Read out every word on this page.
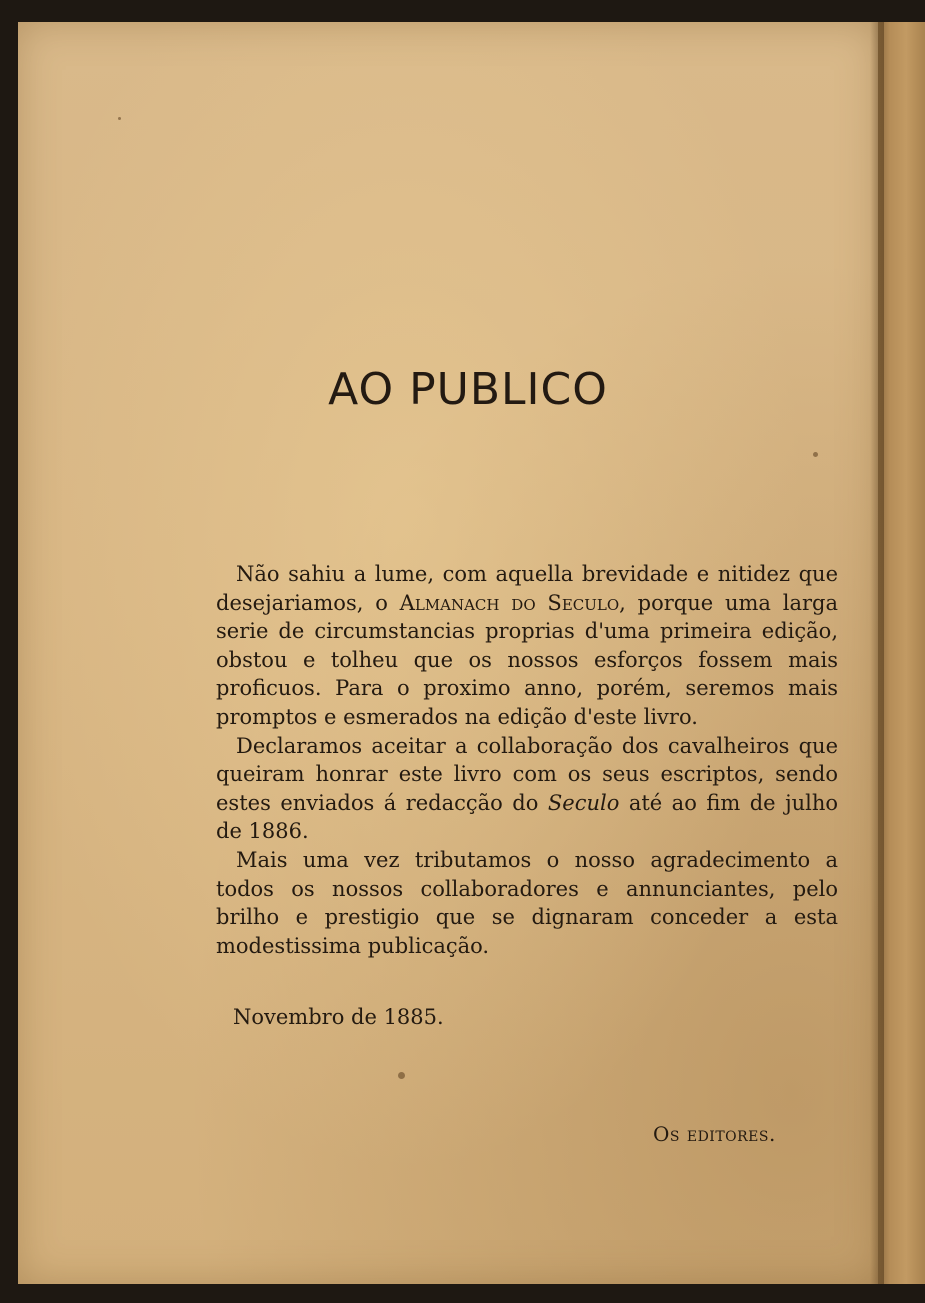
AO PUBLICO

Não sahiu a lume, com aquella brevidade e nitidez que desejariamos, o Almanach do Seculo, porque uma larga serie de circumstancias proprias d'uma primeira edição, obstou e tolheu que os nossos esforços fossem mais proficuos. Para o proximo anno, porém, seremos mais promptos e esmerados na edição d'este livro.

Declaramos aceitar a collaboração dos cavalheiros que queiram honrar este livro com os seus escriptos, sendo estes enviados á redacção do Seculo até ao fim de julho de 1886.

Mais uma vez tributamos o nosso agradecimento a todos os nossos collaboradores e annunciantes, pelo brilho e prestigio que se dignaram conceder a esta modestissima publicação.

Novembro de 1885.

Os editores.
